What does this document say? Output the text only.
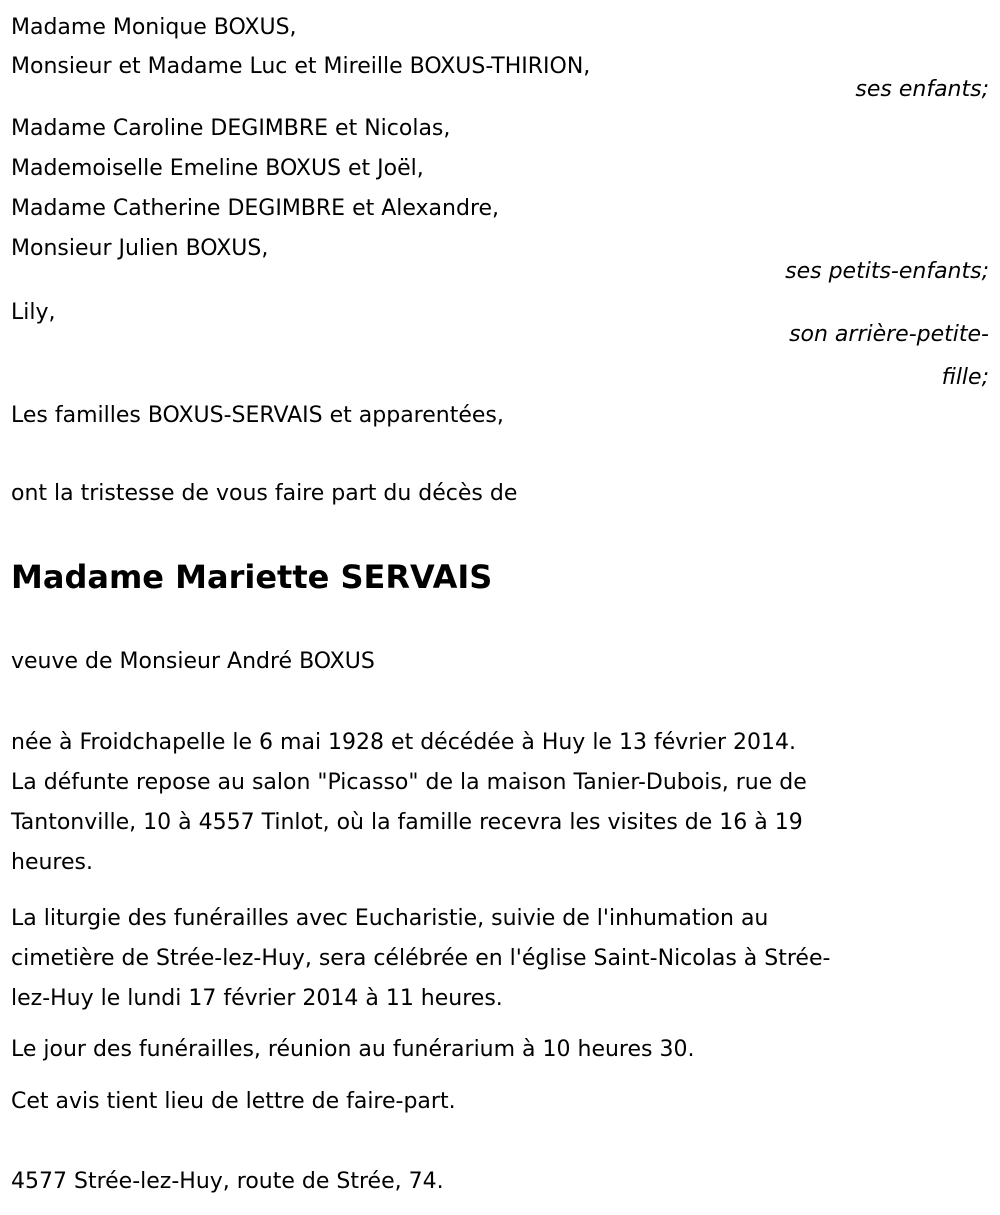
Madame Monique BOXUS,
Monsieur et Madame Luc et Mireille BOXUS-THIRION,
ses enfants;
Madame Caroline DEGIMBRE et Nicolas,
Mademoiselle Emeline BOXUS et Joël,
Madame Catherine DEGIMBRE et Alexandre,
Monsieur Julien BOXUS,
ses petits-enfants;
Lily,
son arrière-petite-
fille;
Les familles BOXUS-SERVAIS et apparentées,
ont la tristesse de vous faire part du décès de
Madame Mariette SERVAIS
veuve de Monsieur André BOXUS
née à Froidchapelle le 6 mai 1928 et décédée à Huy le 13 février 2014.
La défunte repose au salon "Picasso" de la maison Tanier-Dubois, rue de
Tantonville, 10 à 4557 Tinlot, où la famille recevra les visites de 16 à 19
heures.
La liturgie des funérailles avec Eucharistie, suivie de l'inhumation au
cimetière de Strée-lez-Huy, sera célébrée en l'église Saint-Nicolas à Strée-
lez-Huy le lundi 17 février 2014 à 11 heures.
Le jour des funérailles, réunion au funérarium à 10 heures 30.
Cet avis tient lieu de lettre de faire-part.
4577 Strée-lez-Huy, route de Strée, 74.
